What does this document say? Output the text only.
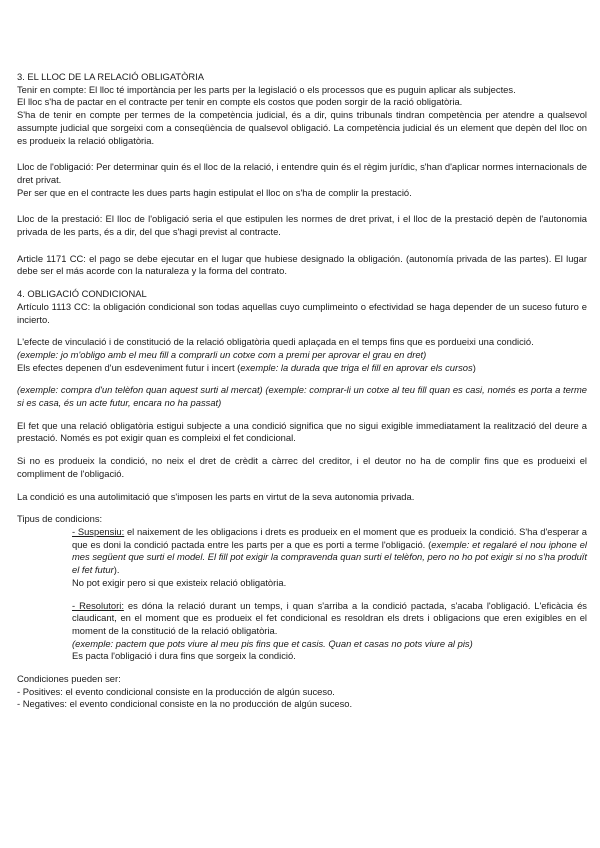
3. EL LLOC DE LA RELACIÓ OBLIGATÒRIA

Tenir en compte: El lloc té importància per les parts per la legislació o els processos que es puguin aplicar als subjectes.

El lloc s'ha de pactar en el contracte per tenir en compte els costos que poden sorgir de la ració obligatòria.

S'ha de tenir en compte per termes de la competència judicial, és a dir, quins tribunals tindran competència per atendre a qualsevol assumpte judicial que sorgeixi com a conseqüència de qualsevol obligació. La competència judicial és un element que depèn del lloc on es produeix la relació obligatòria.

Lloc de l'obligació: Per determinar quin és el lloc de la relació, i entendre quin és el règim jurídic, s'han d'aplicar normes internacionals de dret privat.

Per ser que en el contracte les dues parts hagin estipulat el lloc on s'ha de complir la prestació.

Lloc de la prestació: El lloc de l'obligació seria el que estipulen les normes de dret privat, i el lloc de la prestació depèn de l'autonomia privada de les parts, és a dir, del que s'hagi previst al contracte.

Article 1171 CC: el pago se debe ejecutar en el lugar que hubiese designado la obligación. (autonomía privada de las partes). El lugar debe ser el más acorde con la naturaleza y la forma del contrato.

4. OBLIGACIÓ CONDICIONAL

Artículo 1113 CC: la obligación condicional son todas aquellas cuyo cumplimeinto o efectividad se haga depender de un suceso futuro e incierto.

L'efecte de vinculació i de constitució de la relació obligatòria quedi aplaçada en el temps fins que es pordueixi una condició.

(exemple: jo m'obligo amb el meu fill a comprarli un cotxe com a premi per aprovar el grau en dret)

Els efectes depenen d'un esdeveniment futur i incert (exemple: la durada que triga el fill en aprovar els cursos)

(exemple: compra d'un telèfon quan aquest surti al mercat) (exemple: comprar-li un cotxe al teu fill quan es casi, només es porta a terme si es casa, és un acte futur, encara no ha passat)

El fet que una relació obligatòria estigui subjecte a una condició significa que no sigui exigible immediatament la realització del deure a prestació. Només es pot exigir quan es compleixi el fet condicional.

Si no es produeix la condició, no neix el dret de crèdit a càrrec del creditor, i el deutor no ha de complir fins que es produeixi el compliment de l'obligació.

La condició es una autolimitació que s'imposen les parts en virtut de la seva autonomia privada.

Tipus de condicions:

- Suspensiu: el naixement de les obligacions i drets es produeix en el moment que es produeix la condició. S'ha d'esperar a que es doni la condició pactada entre les parts per a que es porti a terme l'obligació. (exemple: et regalaré el nou iphone el mes següent que surti el model. El fill pot exigir la compravenda quan surti el telèfon, pero no ho pot exigir si no s'ha produït el fet futur).

No pot exigir pero si que existeix relació obligatòria.

- Resolutori: es dóna la relació durant un temps, i quan s'arriba a la condició pactada, s'acaba l'obligació. L'eficàcia és claudicant, en el moment que es produeix el fet condicional es resoldran els drets i obligacions que eren exigibles en el moment de la constitució de la relació obligatòria.

(exemple: pactem que pots viure al meu pis fins que et casis. Quan et casas no pots viure al pis)

Es pacta l'obligació i dura fins que sorgeix la condició.

Condiciones pueden ser:

- Positives: el evento condicional consiste en la producción de algún suceso.

- Negatives: el evento condicional consiste en la no producción de algún suceso.
